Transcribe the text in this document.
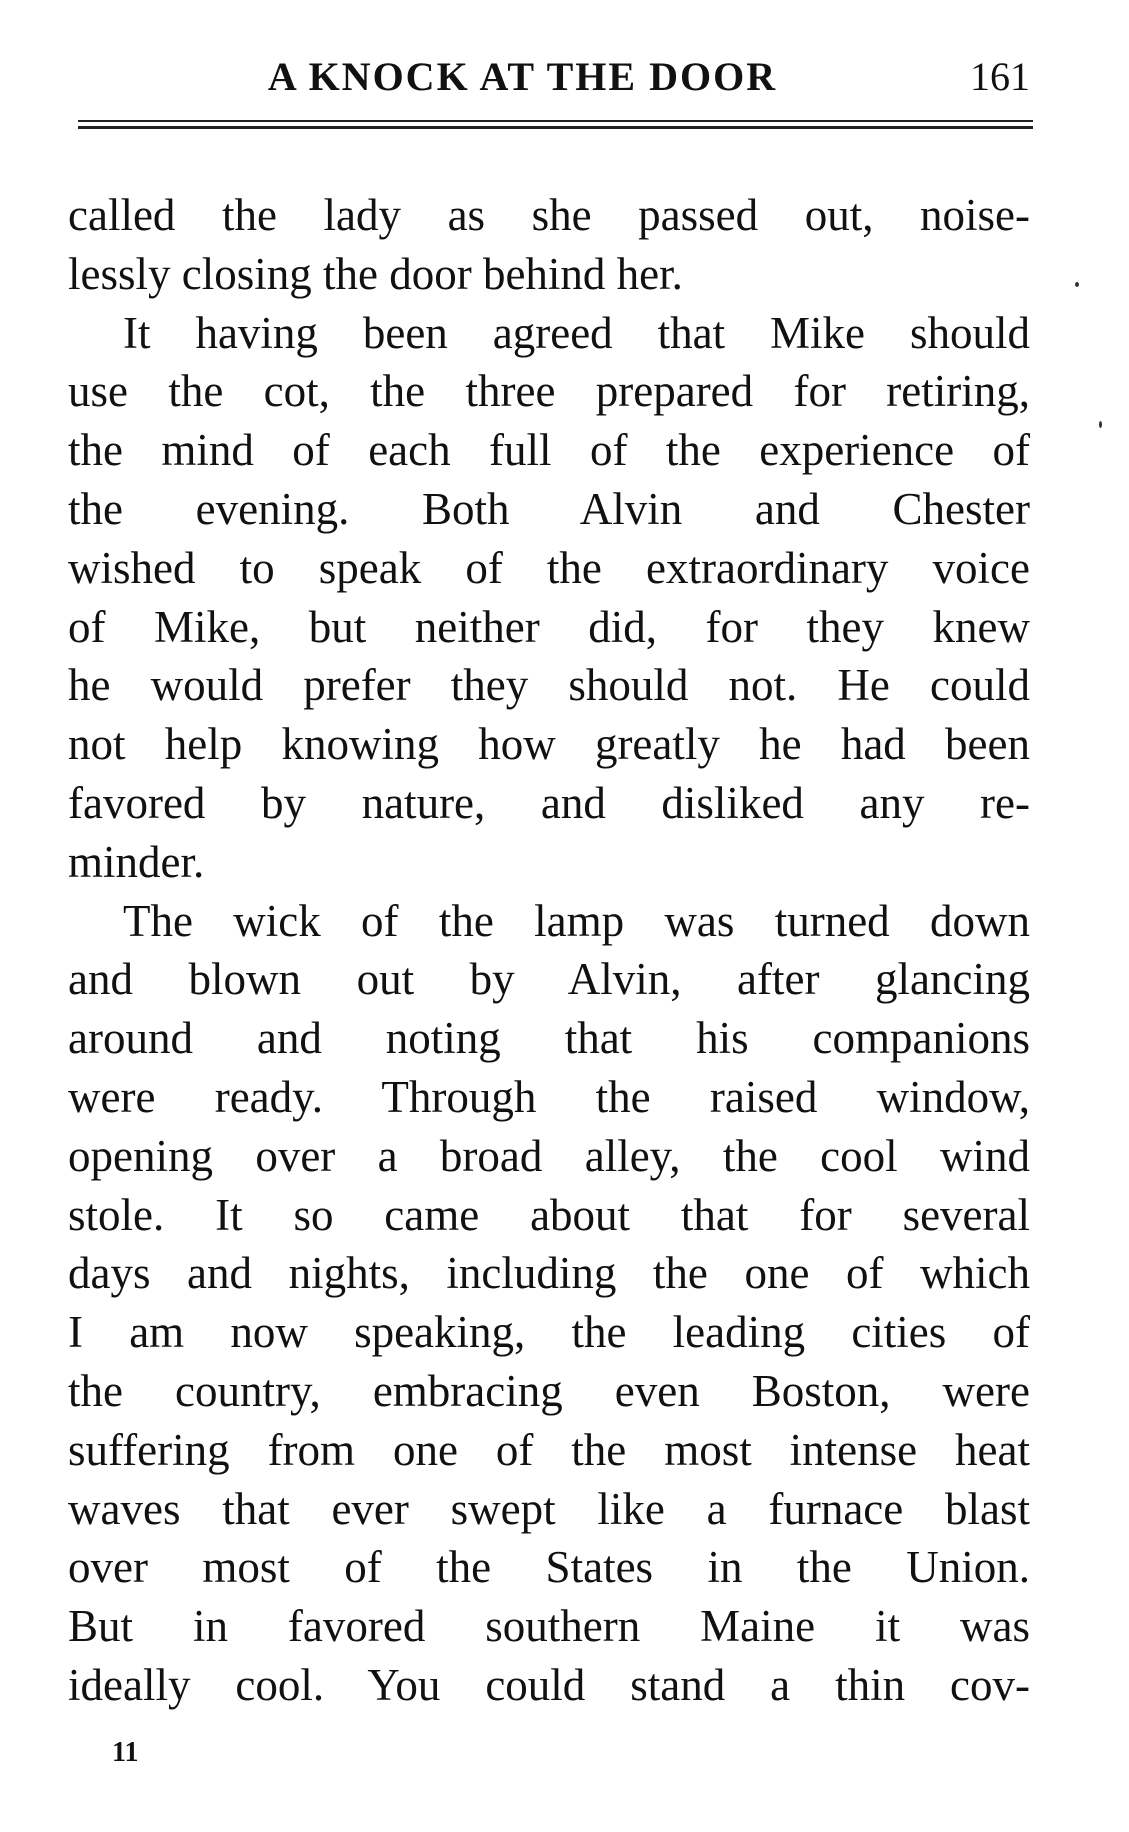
A KNOCK AT THE DOOR	161
called the lady as she passed out, noise-
lessly closing the door behind her.
It having been agreed that Mike should
use the cot, the three prepared for retiring,
the mind of each full of the experience of
the evening. Both Alvin and Chester
wished to speak of the extraordinary voice
of Mike, but neither did, for they knew
he would prefer they should not. He could
not help knowing how greatly he had been
favored by nature, and disliked any re-
minder.
The wick of the lamp was turned down
and blown out by Alvin, after glancing
around and noting that his companions
were ready. Through the raised window,
opening over a broad alley, the cool wind
stole. It so came about that for several
days and nights, including the one of which
I am now speaking, the leading cities of
the country, embracing even Boston, were
suffering from one of the most intense heat
waves that ever swept like a furnace blast
over most of the States in the Union.
But in favored southern Maine it was
ideally cool. You could stand a thin cov-
11
